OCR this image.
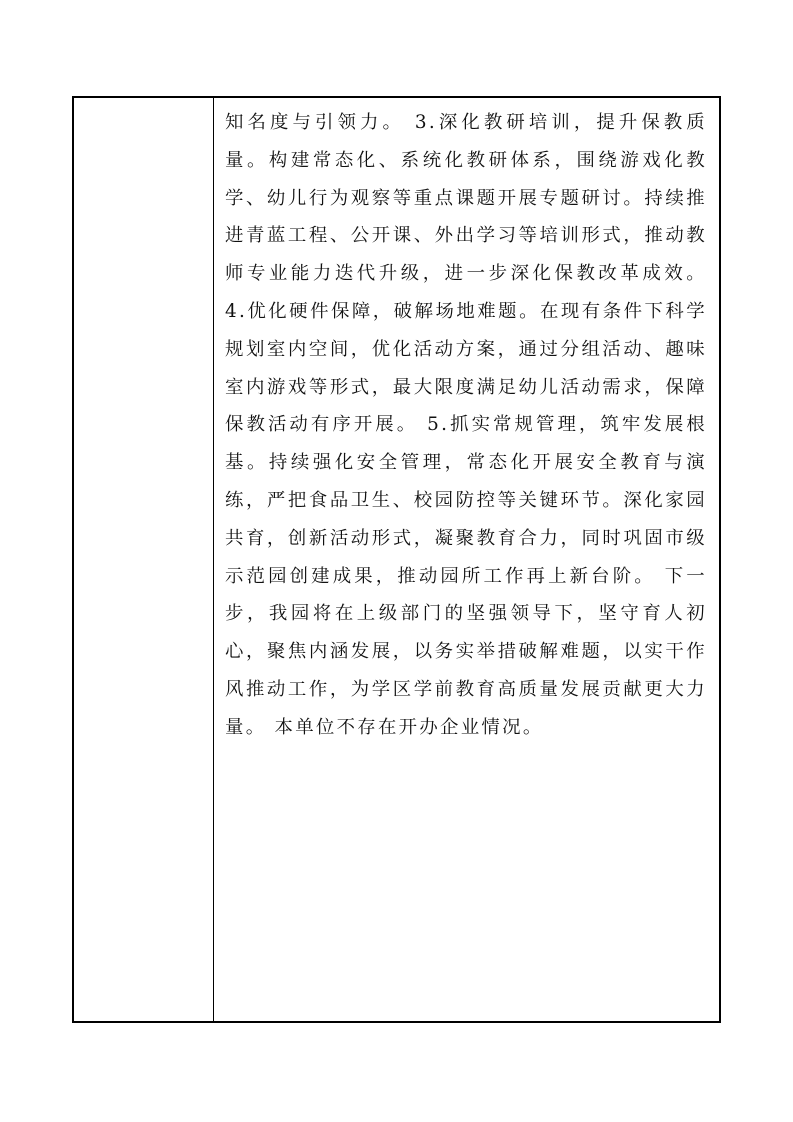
知名度与引领力。 3.深化教研培训，提升保教质量。构建常态化、系统化教研体系，围绕游戏化教学、幼儿行为观察等重点课题开展专题研讨。持续推进青蓝工程、公开课、外出学习等培训形式，推动教师专业能力迭代升级，进一步深化保教改革成效。 4.优化硬件保障，破解场地难题。在现有条件下科学规划室内空间，优化活动方案，通过分组活动、趣味室内游戏等形式，最大限度满足幼儿活动需求，保障保教活动有序开展。 5.抓实常规管理，筑牢发展根基。持续强化安全管理，常态化开展安全教育与演练，严把食品卫生、校园防控等关键环节。深化家园共育，创新活动形式，凝聚教育合力，同时巩固市级示范园创建成果，推动园所工作再上新台阶。 下一步，我园将在上级部门的坚强领导下，坚守育人初心，聚焦内涵发展，以务实举措破解难题，以实干作风推动工作，为学区学前教育高质量发展贡献更大力量。 本单位不存在开办企业情况。
